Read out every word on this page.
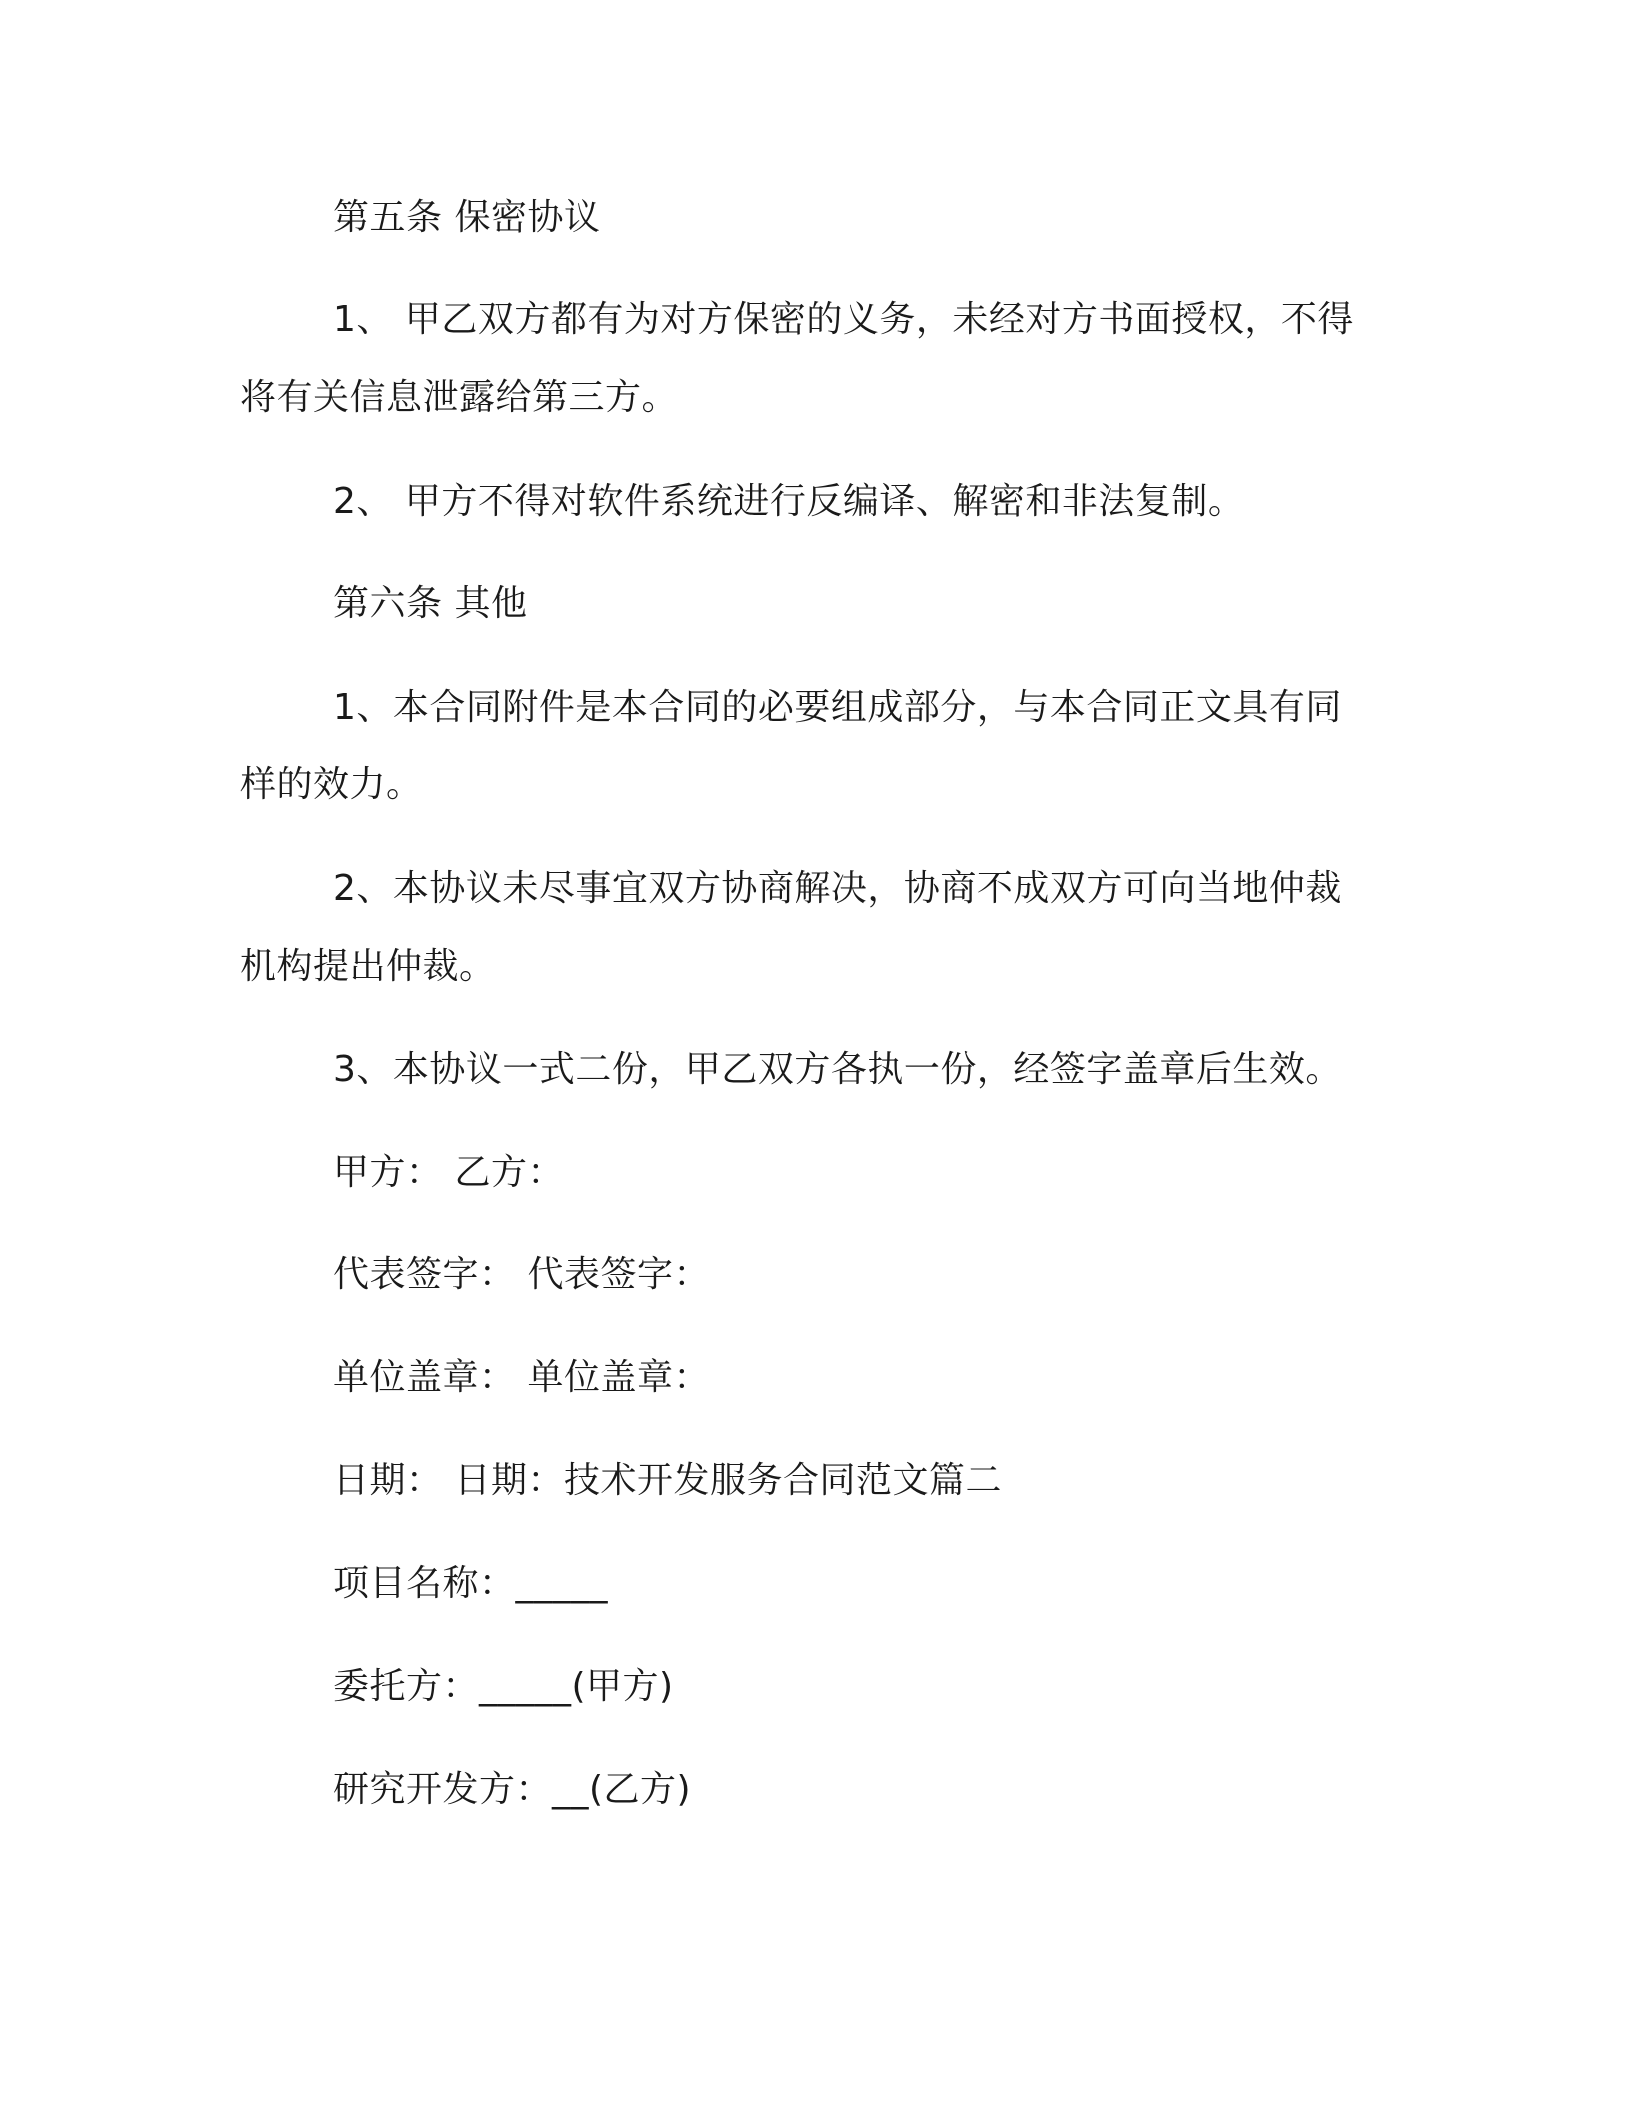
第五条 保密协议
1、 甲乙双方都有为对方保密的义务，未经对方书面授权，不得
将有关信息泄露给第三方。
2、 甲方不得对软件系统进行反编译、解密和非法复制。
第六条 其他
1、本合同附件是本合同的必要组成部分，与本合同正文具有同
样的效力。
2、本协议未尽事宜双方协商解决，协商不成双方可向当地仲裁
机构提出仲裁。
3、本协议一式二份，甲乙双方各执一份，经签字盖章后生效。
甲方： 乙方：
代表签字： 代表签字：
单位盖章： 单位盖章：
日期： 日期：技术开发服务合同范文篇二
项目名称：_____
委托方：_____(甲方)
研究开发方：__(乙方)
